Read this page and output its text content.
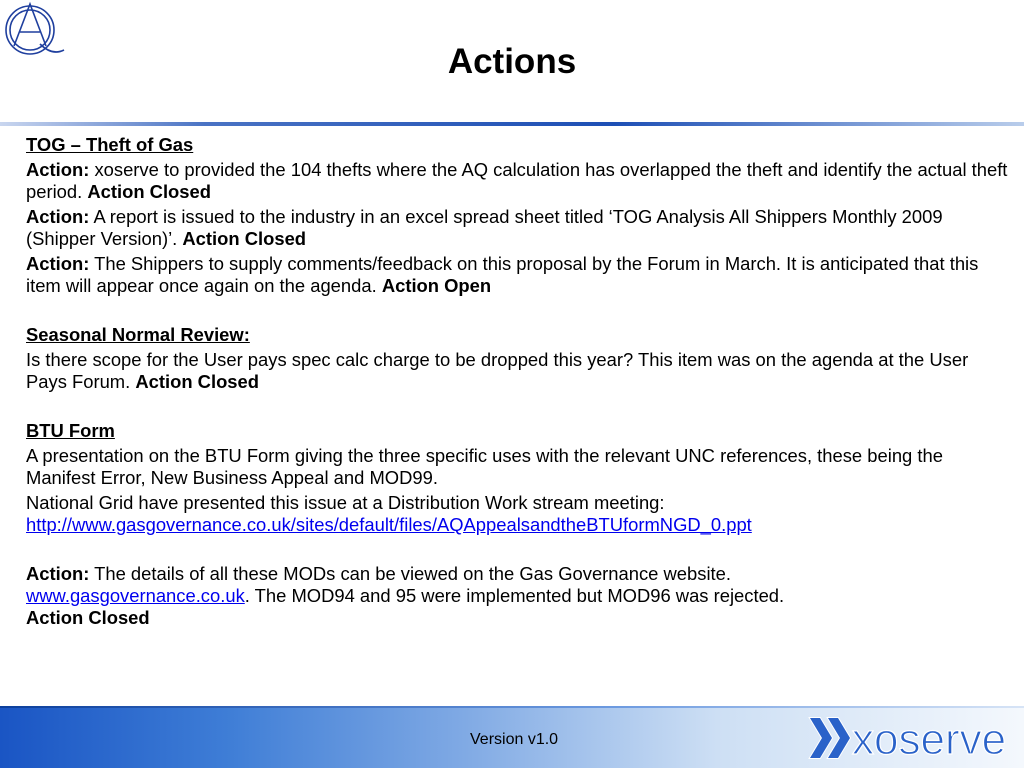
Actions

TOG – Theft of Gas

Action: xoserve to provided the 104 thefts where the AQ calculation has overlapped the theft and identify the actual theft period. Action Closed

Action: A report is issued to the industry in an excel spread sheet titled ‘TOG Analysis All Shippers Monthly 2009 (Shipper Version)’. Action Closed

Action: The Shippers to supply comments/feedback on this proposal by the Forum in March. It is anticipated that this item will appear once again on the agenda. Action Open

Seasonal Normal Review:

Is there scope for the User pays spec calc charge to be dropped this year? This item was on the agenda at the User Pays Forum. Action Closed

BTU Form

A presentation on the BTU Form giving the three specific uses with the relevant UNC references, these being the Manifest Error, New Business Appeal and MOD99.

National Grid have presented this issue at a Distribution Work stream meeting:
http://www.gasgovernance.co.uk/sites/default/files/AQAppealsandtheBTUformNGD_0.ppt

Action: The details of all these MODs can be viewed on the Gas Governance website.
www.gasgovernance.co.uk. The MOD94 and 95 were implemented but MOD96 was rejected.
Action Closed

Version v1.0	xoserve
